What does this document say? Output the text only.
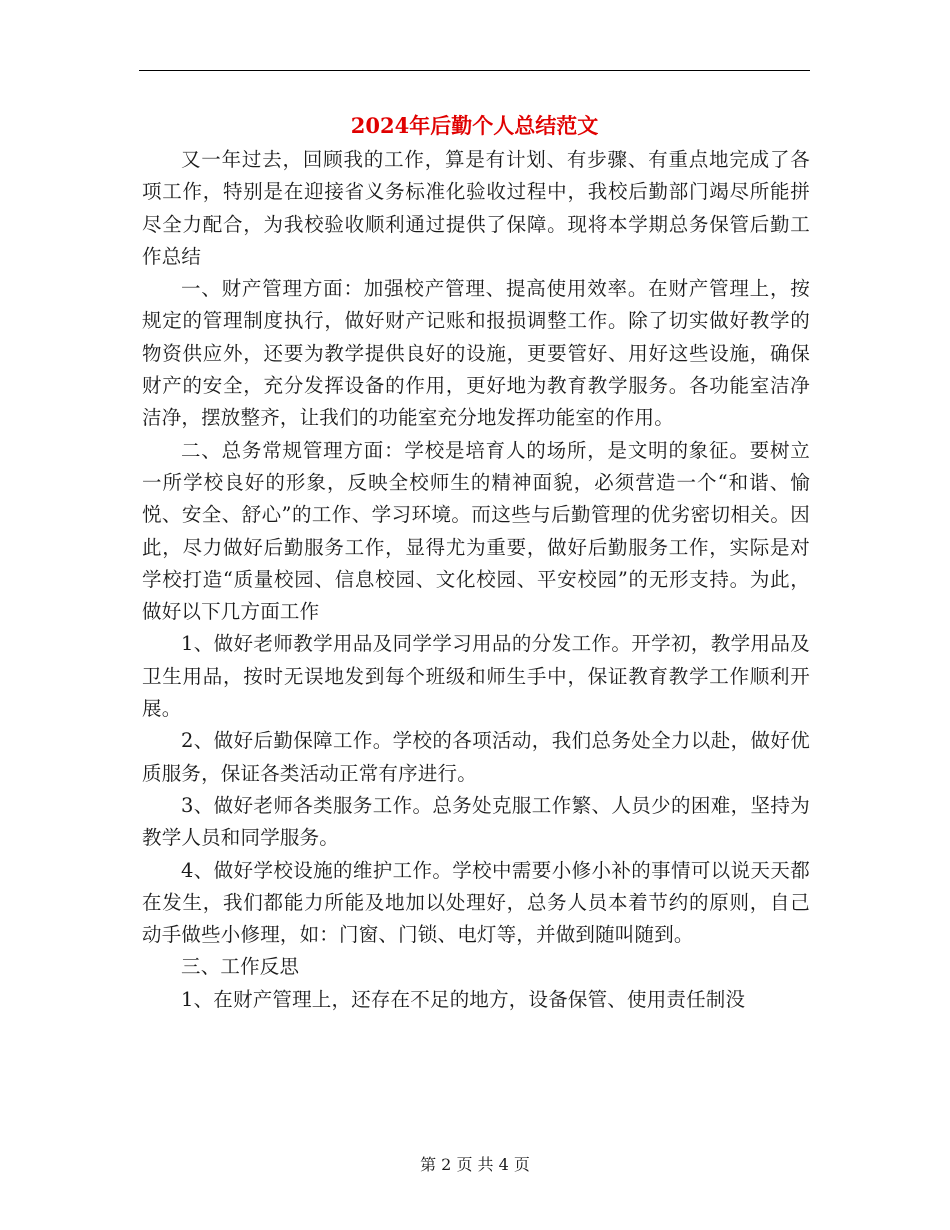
2024年后勤个人总结范文

又一年过去，回顾我的工作，算是有计划、有步骤、有重点地完成了各项工作，特别是在迎接省义务标准化验收过程中，我校后勤部门竭尽所能拼尽全力配合，为我校验收顺利通过提供了保障。现将本学期总务保管后勤工作总结

一、财产管理方面：加强校产管理、提高使用效率。在财产管理上，按规定的管理制度执行，做好财产记账和报损调整工作。除了切实做好教学的物资供应外，还要为教学提供良好的设施，更要管好、用好这些设施，确保财产的安全，充分发挥设备的作用，更好地为教育教学服务。各功能室洁净洁净，摆放整齐，让我们的功能室充分地发挥功能室的作用。

二、总务常规管理方面：学校是培育人的场所，是文明的象征。要树立一所学校良好的形象，反映全校师生的精神面貌，必须营造一个“和谐、愉悦、安全、舒心”的工作、学习环境。而这些与后勤管理的优劣密切相关。因此，尽力做好后勤服务工作，显得尤为重要，做好后勤服务工作，实际是对学校打造“质量校园、信息校园、文化校园、平安校园”的无形支持。为此，做好以下几方面工作

1、做好老师教学用品及同学学习用品的分发工作。开学初，教学用品及卫生用品，按时无误地发到每个班级和师生手中，保证教育教学工作顺利开展。

2、做好后勤保障工作。学校的各项活动，我们总务处全力以赴，做好优质服务，保证各类活动正常有序进行。

3、做好老师各类服务工作。总务处克服工作繁、人员少的困难，坚持为教学人员和同学服务。

4、做好学校设施的维护工作。学校中需要小修小补的事情可以说天天都在发生，我们都能力所能及地加以处理好，总务人员本着节约的原则，自己动手做些小修理，如：门窗、门锁、电灯等，并做到随叫随到。

三、工作反思

1、在财产管理上，还存在不足的地方，设备保管、使用责任制没

第 2 页 共 4 页
